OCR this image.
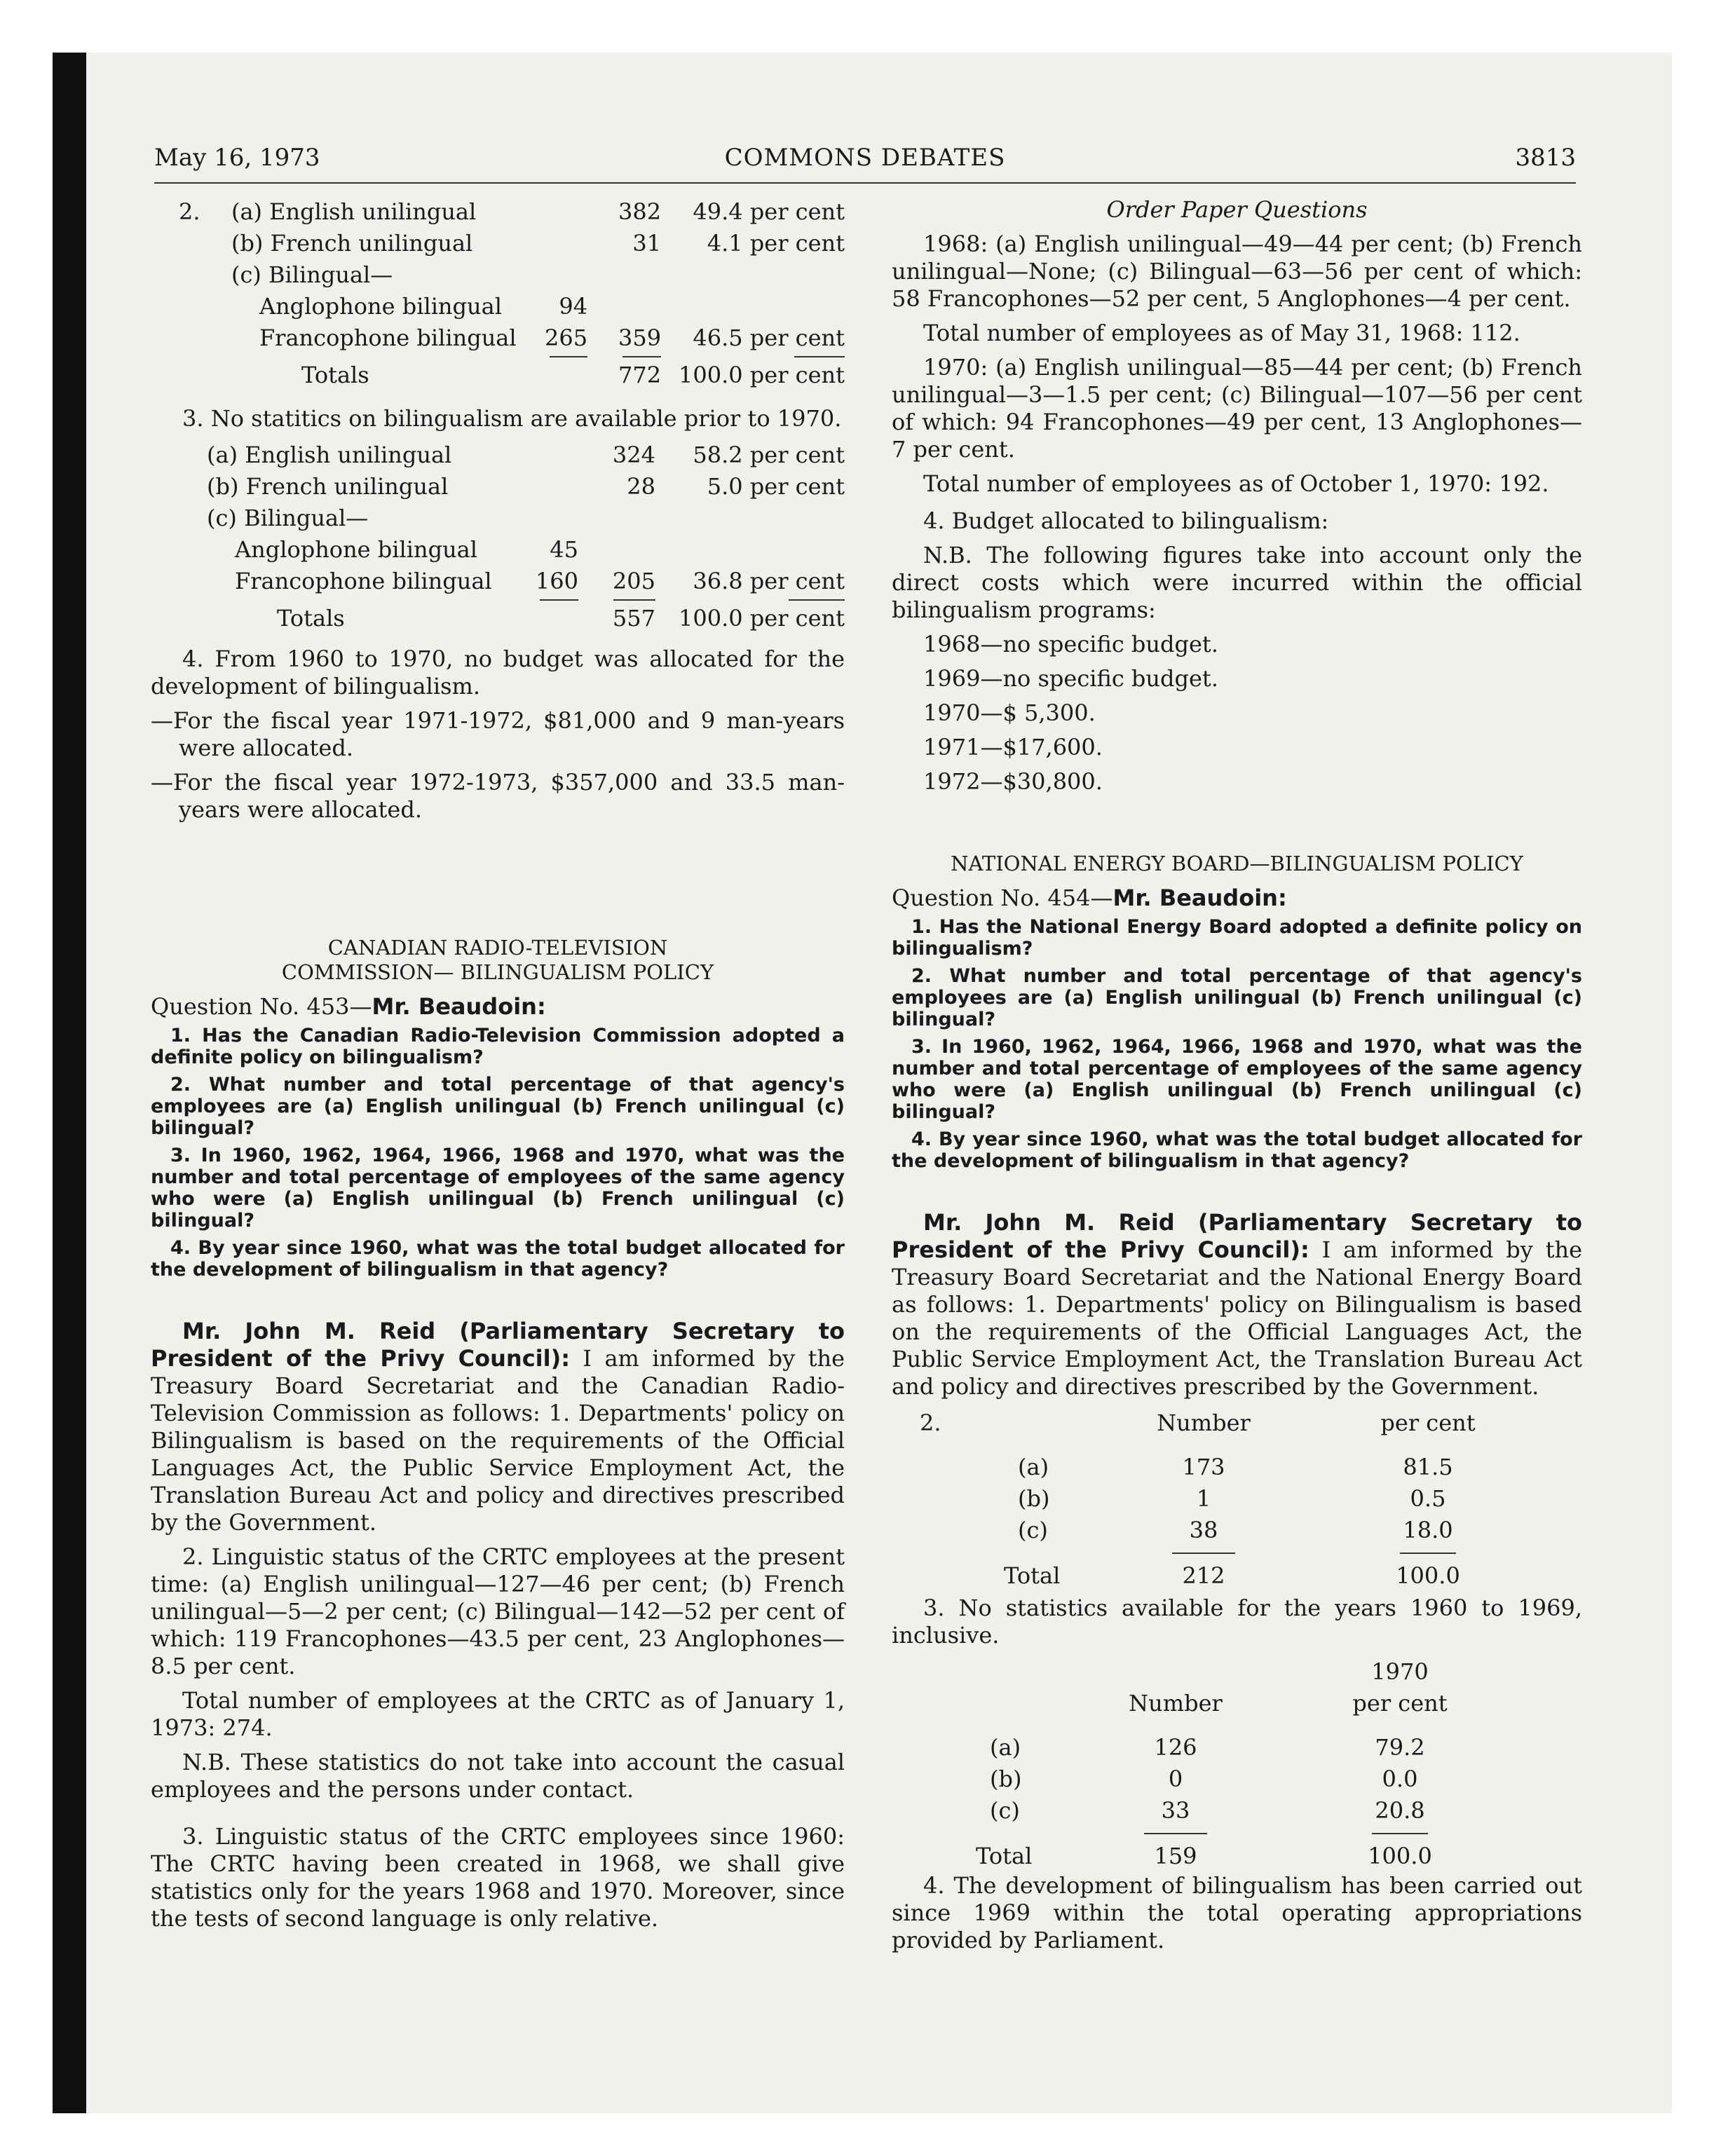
May 16, 1973	COMMONS DEBATES	3813
2.	(a) English unilingual		382	49.4 per cent
	(b) French unilingual		31	4.1 per cent
	(c) Bilingual—			
	Anglophone bilingual	94		
	Francophone bilingual	265	359	46.5 per cent

	Totals		772	100.0 per cent

3. No statitics on bilingualism are available prior to 1970.

	(a) English unilingual		324	58.2 per cent
	(b) French unilingual		28	5.0 per cent
	(c) Bilingual—			
	Anglophone bilingual	45		
	Francophone bilingual	160	205	36.8 per cent

	Totals		557	100.0 per cent

4. From 1960 to 1970, no budget was allocated for the development of bilingualism.

—For the fiscal year 1971-1972, $81,000 and 9 man-years were allocated.

—For the fiscal year 1972-1973, $357,000 and 33.5 man-years were allocated.

CANADIAN RADIO-TELEVISION COMMISSION— BILINGUALISM POLICY

Question No. 453—Mr. Beaudoin:

1. Has the Canadian Radio-Television Commission adopted a definite policy on bilingualism?
2. What number and total percentage of that agency's employees are (a) English unilingual (b) French unilingual (c) bilingual?
3. In 1960, 1962, 1964, 1966, 1968 and 1970, what was the number and total percentage of employees of the same agency who were (a) English unilingual (b) French unilingual (c) bilingual?
4. By year since 1960, what was the total budget allocated for the development of bilingualism in that agency?

Mr. John M. Reid (Parliamentary Secretary to President of the Privy Council): I am informed by the Treasury Board Secretariat and the Canadian Radio-Television Commission as follows: 1. Departments' policy on Bilingualism is based on the requirements of the Official Languages Act, the Public Service Employment Act, the Translation Bureau Act and policy and directives prescribed by the Government.

2. Linguistic status of the CRTC employees at the present time: (a) English unilingual—127—46 per cent; (b) French unilingual—5—2 per cent; (c) Bilingual—142—52 per cent of which: 119 Francophones—43.5 per cent, 23 Anglophones—8.5 per cent.

Total number of employees at the CRTC as of January 1, 1973: 274.

N.B. These statistics do not take into account the casual employees and the persons under contact.

3. Linguistic status of the CRTC employees since 1960: The CRTC having been created in 1968, we shall give statistics only for the years 1968 and 1970. Moreover, since the tests of second language is only relative.

Order Paper Questions

1968: (a) English unilingual—49—44 per cent; (b) French unilingual—None; (c) Bilingual—63—56 per cent of which: 58 Francophones—52 per cent, 5 Anglophones—4 per cent.

Total number of employees as of May 31, 1968: 112.

1970: (a) English unilingual—85—44 per cent; (b) French unilingual—3—1.5 per cent; (c) Bilingual—107—56 per cent of which: 94 Francophones—49 per cent, 13 Anglophones—7 per cent.

Total number of employees as of October 1, 1970: 192.

4. Budget allocated to bilingualism:

N.B. The following figures take into account only the direct costs which were incurred within the official bilingualism programs:

1968—no specific budget.

1969—no specific budget.

1970—$ 5,300.

1971—$17,600.

1972—$30,800.

NATIONAL ENERGY BOARD—BILINGUALISM POLICY

Question No. 454—Mr. Beaudoin:

1. Has the National Energy Board adopted a definite policy on bilingualism?
2. What number and total percentage of that agency's employees are (a) English unilingual (b) French unilingual (c) bilingual?
3. In 1960, 1962, 1964, 1966, 1968 and 1970, what was the number and total percentage of employees of the same agency who were (a) English unilingual (b) French unilingual (c) bilingual?
4. By year since 1960, what was the total budget allocated for the development of bilingualism in that agency?

Mr. John M. Reid (Parliamentary Secretary to President of the Privy Council): I am informed by the Treasury Board Secretariat and the National Energy Board as follows: 1. Departments' policy on Bilingualism is based on the requirements of the Official Languages Act, the Public Service Employment Act, the Translation Bureau Act and policy and directives prescribed by the Government.

2.		Number		per cent	

	(a)	173		81.5	
	(b)	1		0.5	
	(c)	38		18.0	

	Total	212		100.0	

3. No statistics available for the years 1960 to 1969, inclusive.

				1970	
		Number		per cent	

	(a)	126		79.2	
	(b)	0		0.0	
	(c)	33		20.8	

	Total	159		100.0	

4. The development of bilingualism has been carried out since 1969 within the total operating appropriations provided by Parliament.
